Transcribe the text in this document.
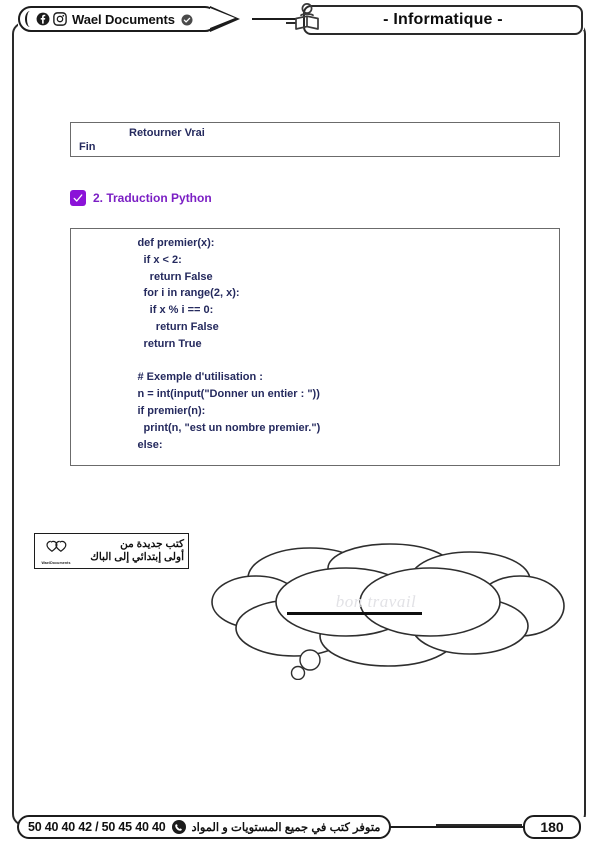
Wael Documents	- Informatique -
Retourner Vrai
Fin
2. Traduction Python
def premier(x):
if x < 2:
return False
for i in range(2, x):
if x % i == 0:
return False
return True

# Exemple d'utilisation :
n = int(input("Donner un entier : "))
if premier(n):
print(n, "est un nombre premier.")
else:
WaelDocuments
كتب جديدة من
أولى إبتدائي إلى الباك
bon travail
50 40 40 42 / 50 45 40 40 متوفر كتب في جميع المستويات و المواد	180
